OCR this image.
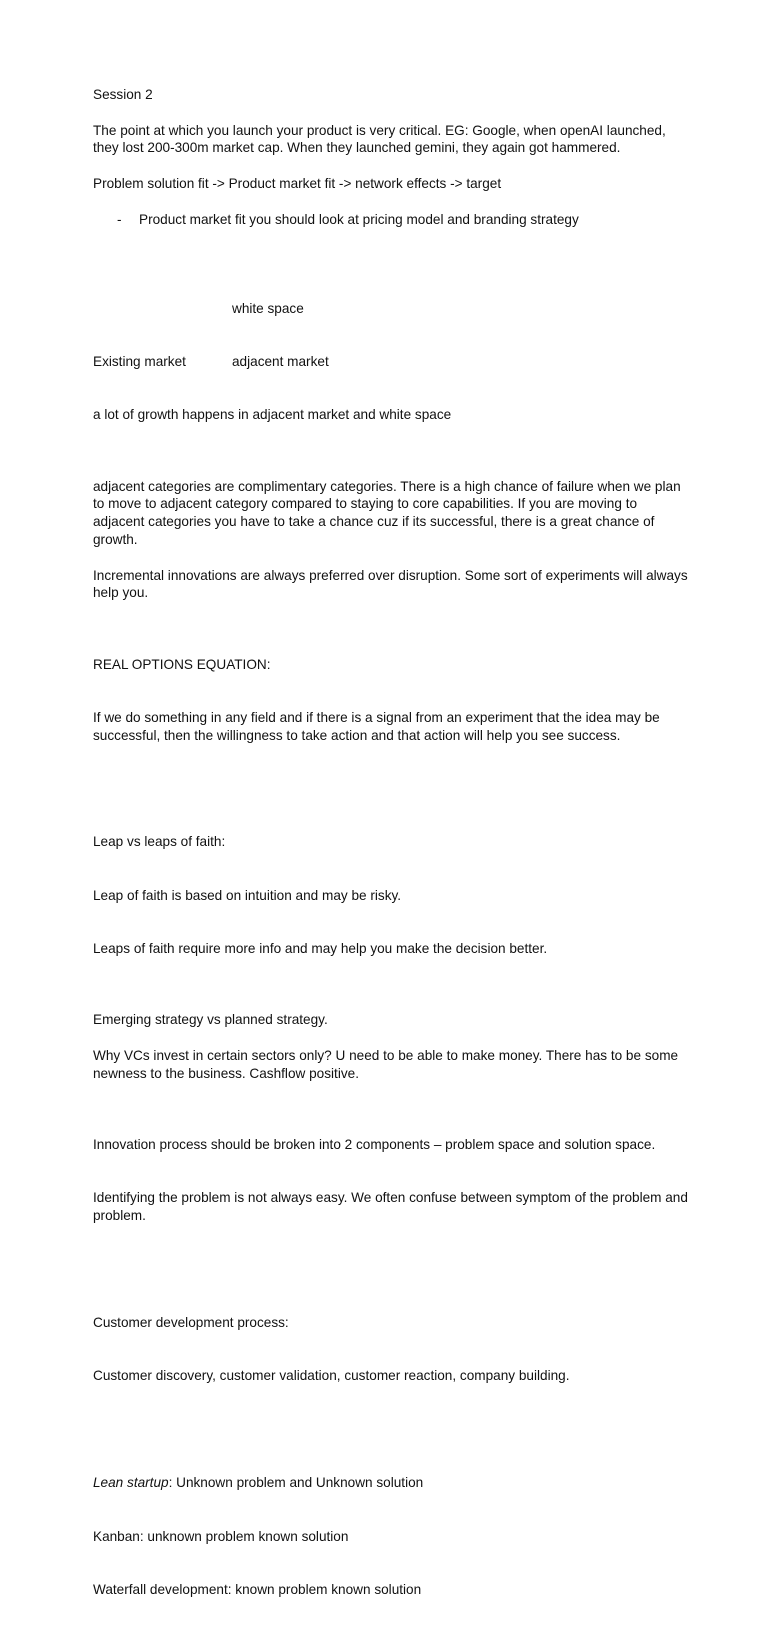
Session 2

The point at which you launch your product is very critical. EG: Google, when openAI launched, they lost 200-300m market cap. When they launched gemini, they again got hammered.

Problem solution fit -> Product market fit -> network effects -> target

-	Product market fit you should look at pricing model and branding strategy

white space

Existing market	adjacent market

a lot of growth happens in adjacent market and white space

adjacent categories are complimentary categories. There is a high chance of failure when we plan to move to adjacent category compared to staying to core capabilities. If you are moving to adjacent categories you have to take a chance cuz if its successful, there is a great chance of growth.

Incremental innovations are always preferred over disruption. Some sort of experiments will always help you.

REAL OPTIONS EQUATION:

If we do something in any field and if there is a signal from an experiment that the idea may be successful, then the willingness to take action and that action will help you see success.

Leap vs leaps of faith:

Leap of faith is based on intuition and may be risky.

Leaps of faith require more info and may help you make the decision better.

Emerging strategy vs planned strategy.

Why VCs invest in certain sectors only? U need to be able to make money. There has to be some newness to the business. Cashflow positive.

Innovation process should be broken into 2 components – problem space and solution space.

Identifying the problem is not always easy. We often confuse between symptom of the problem and problem.

Customer development process:

Customer discovery, customer validation, customer reaction, company building.

Lean startup: Unknown problem and Unknown solution

Kanban: unknown problem known solution

Waterfall development: known problem known solution
